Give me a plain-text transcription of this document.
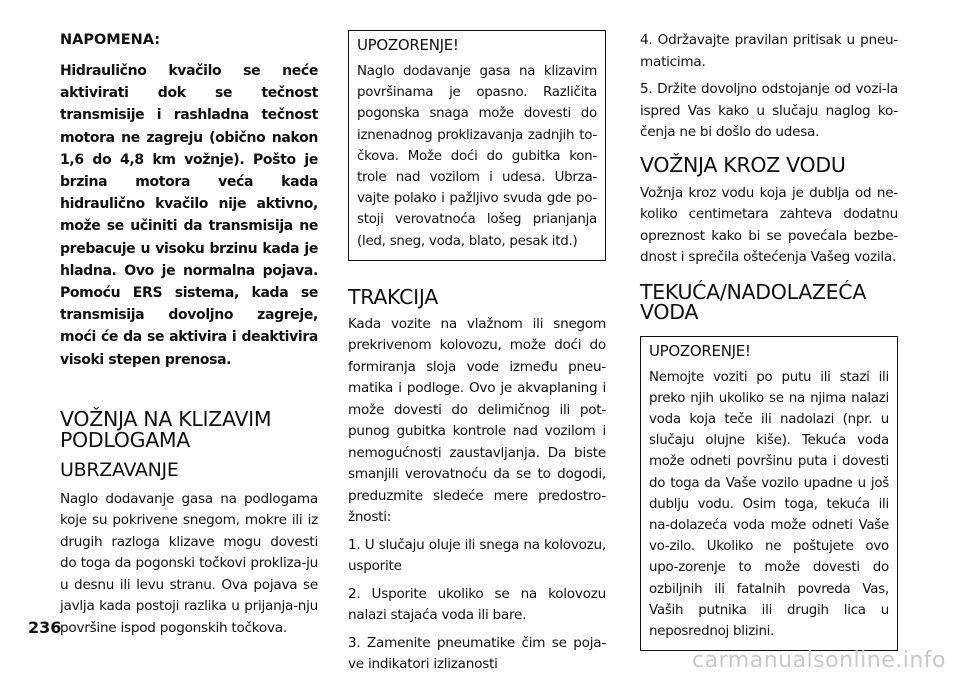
NAPOMENA:

Hidraulično kvačilo se neće aktivirati dok se tečnost transmisije i rashladna tečnost motora ne zagreju (obično nakon 1,6 do 4,8 km vožnje). Pošto je brzina motora veća kada hidraulično kvačilo nije aktivno, može se učiniti da transmisija ne prebacuje u visoku brzinu kada je hladna. Ovo je normalna pojava. Pomoću ERS sistema, kada se transmisija dovoljno zagreje, moći će da se aktivira i deaktivira visoki stepen prenosa.

VOŽNJA NA KLIZAVIM PODLOGAMA
UBRZAVANJE

Naglo dodavanje gasa na podlogama koje su pokrivene snegom, mokre ili iz drugih razloga klizave mogu dovesti do toga da pogonski točkovi prokliza-ju u desnu ili levu stranu. Ova pojava se javlja kada postoji razlika u prijanja-nju površine ispod pogonskih točkova.

UPOZORENJE!

Naglo dodavanje gasa na klizavim površinama je opasno. Različita pogonska snaga može dovesti do iznenadnog proklizavanja zadnjih to-čkova. Može doći do gubitka kon-trole nad vozilom i udesa. Ubrza-vajte polako i pažljivo svuda gde po-stoji verovatnoća lošeg prianjanja (led, sneg, voda, blato, pesak itd.)

TRAKCIJA

Kada vozite na vlažnom ili snegom prekrivenom kolovozu, može doći do formiranja sloja vode između pneu-matika i podloge. Ovo je akvaplaning i može dovesti do delimičnog ili pot-punog gubitka kontrole nad vozilom i nemogućnosti zaustavljanja. Da biste smanjili verovatnoću da se to dogodi, preduzmite sledeće mere predostro-žnosti:

1. U slučaju oluje ili snega na kolovozu, usporite

2. Usporite ukoliko se na kolovozu nalazi stajaća voda ili bare.

3. Zamenite pneumatike čim se poja-ve indikatori izlizanosti

4. Održavajte pravilan pritisak u pneu-maticima.

5. Držite dovoljno odstojanje od vozi-la ispred Vas kako u slučaju naglog ko-čenja ne bi došlo do udesa.

VOŽNJA KROZ VODU

Vožnja kroz vodu koja je dublja od ne-koliko centimetara zahteva dodatnu opreznost kako bi se povećala bezbe-dnost i sprečila oštećenja Vašeg vozila.

TEKUĆA/NADOLAZEĆA VODA
UPOZORENJE!

Nemojte voziti po putu ili stazi ili preko njih ukoliko se na njima nalazi voda koja teče ili nadolazi (npr. u slučaju olujne kiše). Tekuća voda može odneti površinu puta i dovesti do toga da Vaše vozilo upadne u još dublju vodu. Osim toga, tekuća ili na-dolazeća voda može odneti Vaše vo-zilo. Ukoliko ne poštujete ovo upo-zorenje to može dovesti do ozbiljnih ili fatalnih povreda Vas, Vaših putnika ili drugih lica u neposrednoj blizini.

236
carmanualsonline.info
